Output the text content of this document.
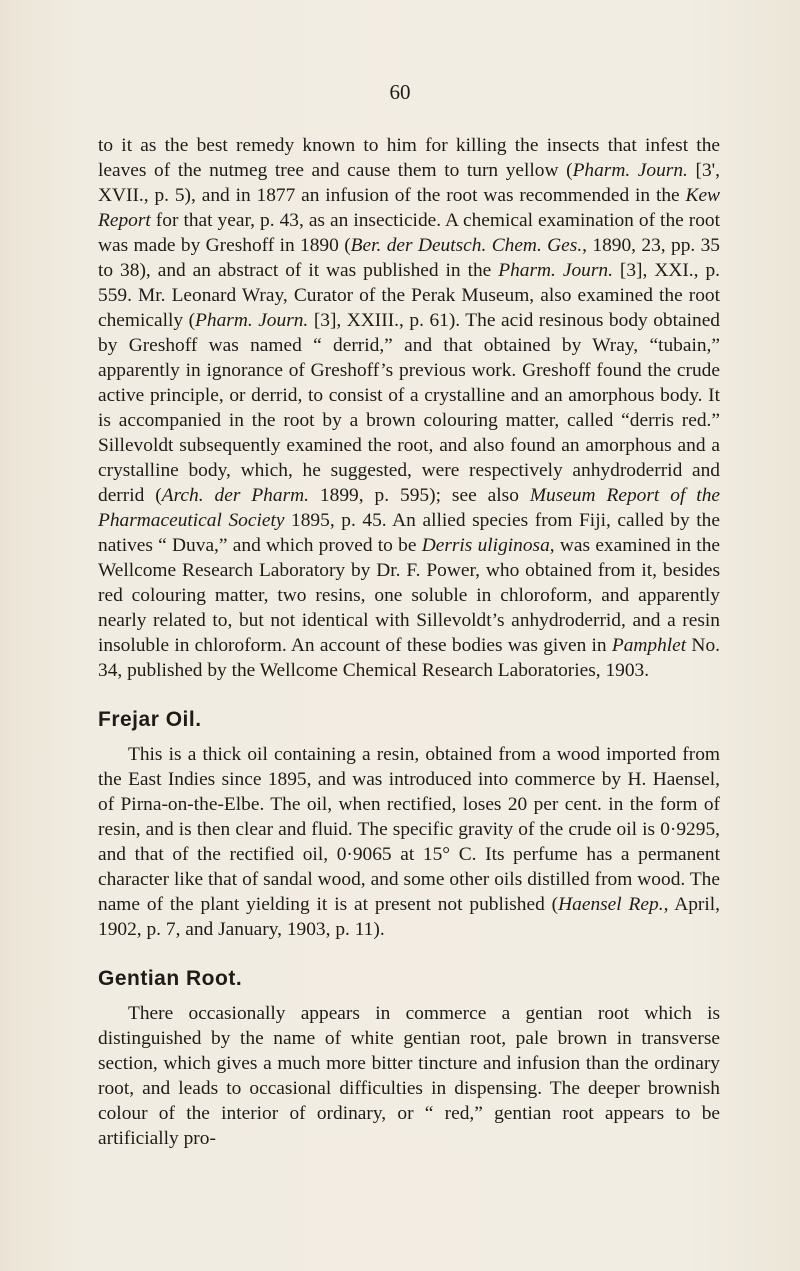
60

to it as the best remedy known to him for killing the insects that infest the leaves of the nutmeg tree and cause them to turn yellow (Pharm. Journ. [3', XVII., p. 5), and in 1877 an infusion of the root was recommended in the Kew Report for that year, p. 43, as an insecticide. A chemical examination of the root was made by Greshoff in 1890 (Ber. der Deutsch. Chem. Ges., 1890, 23, pp. 35 to 38), and an abstract of it was published in the Pharm. Journ. [3], XXI., p. 559. Mr. Leonard Wray, Curator of the Perak Museum, also examined the root chemically (Pharm. Journ. [3], XXIII., p. 61). The acid resinous body obtained by Greshoff was named “ derrid,” and that obtained by Wray, “tubain,” apparently in ignorance of Greshoff’s previous work. Greshoff found the crude active principle, or derrid, to consist of a crystalline and an amorphous body. It is accompanied in the root by a brown colouring matter, called “derris red.” Sillevoldt subsequently examined the root, and also found an amorphous and a crystalline body, which, he suggested, were respectively anhydroderrid and derrid (Arch. der Pharm. 1899, p. 595); see also Museum Report of the Pharmaceutical Society 1895, p. 45. An allied species from Fiji, called by the natives “ Duva,” and which proved to be Derris uliginosa, was examined in the Wellcome Research Laboratory by Dr. F. Power, who obtained from it, besides red colouring matter, two resins, one soluble in chloroform, and apparently nearly related to, but not identical with Sillevoldt’s anhydroderrid, and a resin insoluble in chloroform. An account of these bodies was given in Pamphlet No. 34, published by the Wellcome Chemical Research Laboratories, 1903.

Frejar Oil.

This is a thick oil containing a resin, obtained from a wood imported from the East Indies since 1895, and was introduced into commerce by H. Haensel, of Pirna-on-the-Elbe. The oil, when rectified, loses 20 per cent. in the form of resin, and is then clear and fluid. The specific gravity of the crude oil is 0·9295, and that of the rectified oil, 0·9065 at 15° C. Its perfume has a permanent character like that of sandal wood, and some other oils distilled from wood. The name of the plant yielding it is at present not published (Haensel Rep., April, 1902, p. 7, and January, 1903, p. 11).

Gentian Root.

There occasionally appears in commerce a gentian root which is distinguished by the name of white gentian root, pale brown in transverse section, which gives a much more bitter tincture and infusion than the ordinary root, and leads to occasional difficulties in dispensing. The deeper brownish colour of the interior of ordinary, or “ red,” gentian root appears to be artificially pro-
